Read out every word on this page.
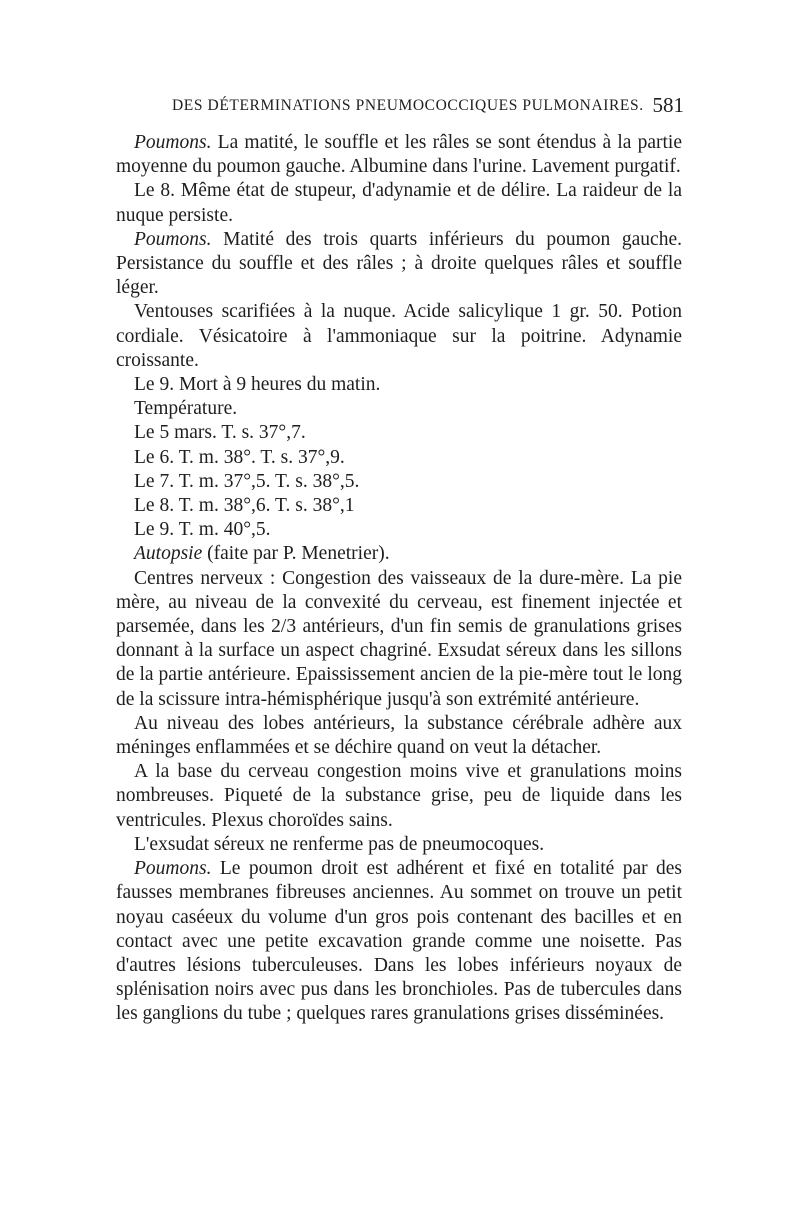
DES DÉTERMINATIONS PNEUMOCOCCIQUES PULMONAIRES. 581

Poumons. La matité, le souffle et les râles se sont étendus à la partie moyenne du poumon gauche. Albumine dans l'urine. Lavement purgatif.

Le 8. Même état de stupeur, d'adynamie et de délire. La raideur de la nuque persiste.

Poumons. Matité des trois quarts inférieurs du poumon gauche. Persistance du souffle et des râles ; à droite quelques râles et souffle léger.

Ventouses scarifiées à la nuque. Acide salicylique 1 gr. 50. Potion cordiale. Vésicatoire à l'ammoniaque sur la poitrine. Adynamie croissante.

Le 9. Mort à 9 heures du matin.

Température.

Le 5 mars. T. s. 37°,7.

Le 6. T. m. 38°. T. s. 37°,9.

Le 7. T. m. 37°,5. T. s. 38°,5.

Le 8. T. m. 38°,6. T. s. 38°,1

Le 9. T. m. 40°,5.

Autopsie (faite par P. Menetrier).

Centres nerveux : Congestion des vaisseaux de la dure-mère. La pie mère, au niveau de la convexité du cerveau, est finement injectée et parsemée, dans les 2/3 antérieurs, d'un fin semis de granulations grises donnant à la surface un aspect chagriné. Exsudat séreux dans les sillons de la partie antérieure. Epaississement ancien de la pie-mère tout le long de la scissure intra-hémisphérique jusqu'à son extrémité antérieure.

Au niveau des lobes antérieurs, la substance cérébrale adhère aux méninges enflammées et se déchire quand on veut la détacher.

A la base du cerveau congestion moins vive et granulations moins nombreuses. Piqueté de la substance grise, peu de liquide dans les ventricules. Plexus choroïdes sains.

L'exsudat séreux ne renferme pas de pneumocoques.

Poumons. Le poumon droit est adhérent et fixé en totalité par des fausses membranes fibreuses anciennes. Au sommet on trouve un petit noyau caséeux du volume d'un gros pois contenant des bacilles et en contact avec une petite excavation grande comme une noisette. Pas d'autres lésions tuberculeuses. Dans les lobes inférieurs noyaux de splénisation noirs avec pus dans les bronchioles. Pas de tubercules dans les ganglions du tube ; quelques rares granulations grises disséminées.
